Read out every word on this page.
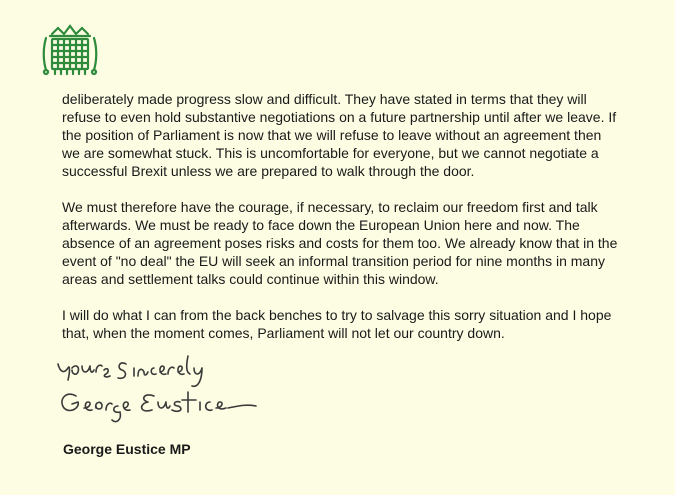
deliberately made progress slow and difficult. They have stated in terms that they will refuse to even hold substantive negotiations on a future partnership until after we leave. If the position of Parliament is now that we will refuse to leave without an agreement then we are somewhat stuck. This is uncomfortable for everyone, but we cannot negotiate a successful Brexit unless we are prepared to walk through the door.

We must therefore have the courage, if necessary, to reclaim our freedom first and talk afterwards. We must be ready to face down the European Union here and now. The absence of an agreement poses risks and costs for them too. We already know that in the event of "no deal" the EU will seek an informal transition period for nine months in many areas and settlement talks could continue within this window.

I will do what I can from the back benches to try to salvage this sorry situation and I hope that, when the moment comes, Parliament will not let our country down.

George Eustice MP
